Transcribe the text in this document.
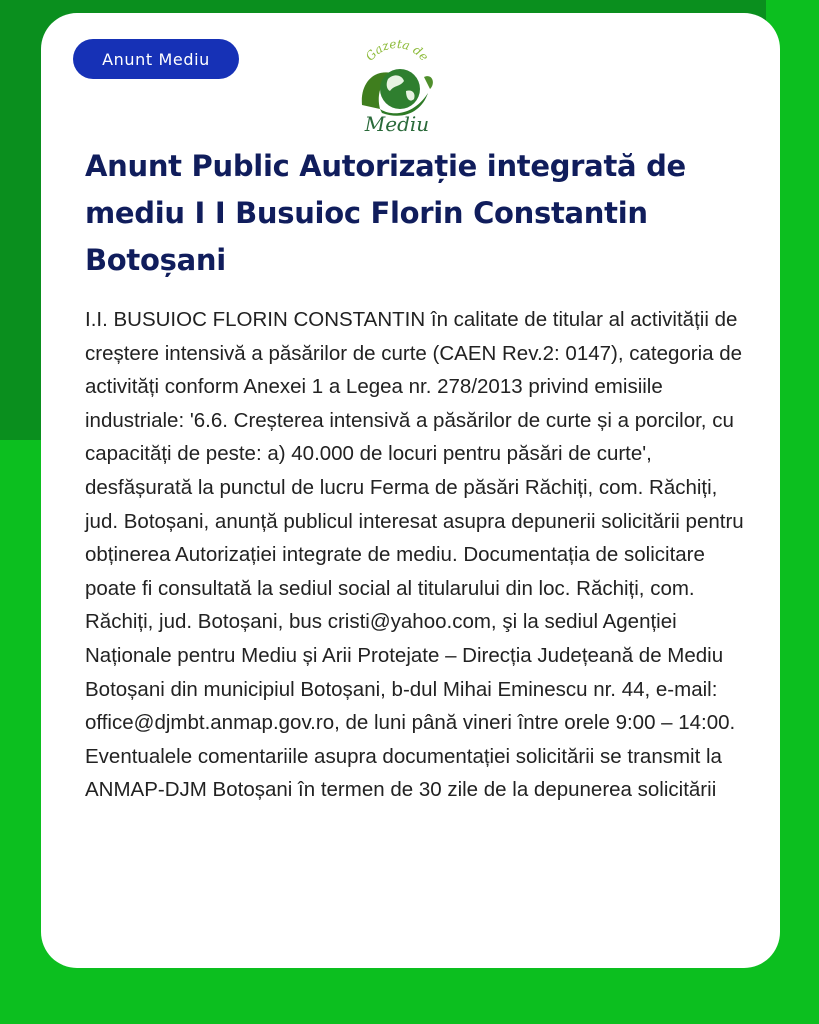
Anunt Mediu	Gazeta de
Mediu
Anunt Public Autorizație integrată de mediu I I Busuioc Florin Constantin Botoșani

I.I. BUSUIOC FLORIN CONSTANTIN în calitate de titular al activității de creștere intensivă a păsărilor de curte (CAEN Rev.2: 0147), categoria de activități conform Anexei 1 a Legea nr. 278/2013 privind emisiile industriale: '6.6. Creșterea intensivă a păsărilor de curte și a porcilor, cu capacități de peste: a) 40.000 de locuri pentru păsări de curte', desfășurată la punctul de lucru Ferma de păsări Răchiți, com. Răchiți, jud. Botoșani, anunță publicul interesat asupra depunerii solicitării pentru obținerea Autorizației integrate de mediu. Documentația de solicitare poate fi consultată la sediul social al titularului din loc. Răchiți, com. Răchiți, jud. Botoșani, bus cristi@yahoo.com, şi la sediul Agenției Naționale pentru Mediu și Arii Protejate – Direcția Județeană de Mediu Botoșani din municipiul Botoșani, b-dul Mihai Eminescu nr. 44, e-mail: office@djmbt.anmap.gov.ro, de luni până vineri între orele 9:00 – 14:00. Eventualele comentariile asupra documentației solicitării se transmit la ANMAP-DJM Botoșani în termen de 30 zile de la depunerea solicitării
